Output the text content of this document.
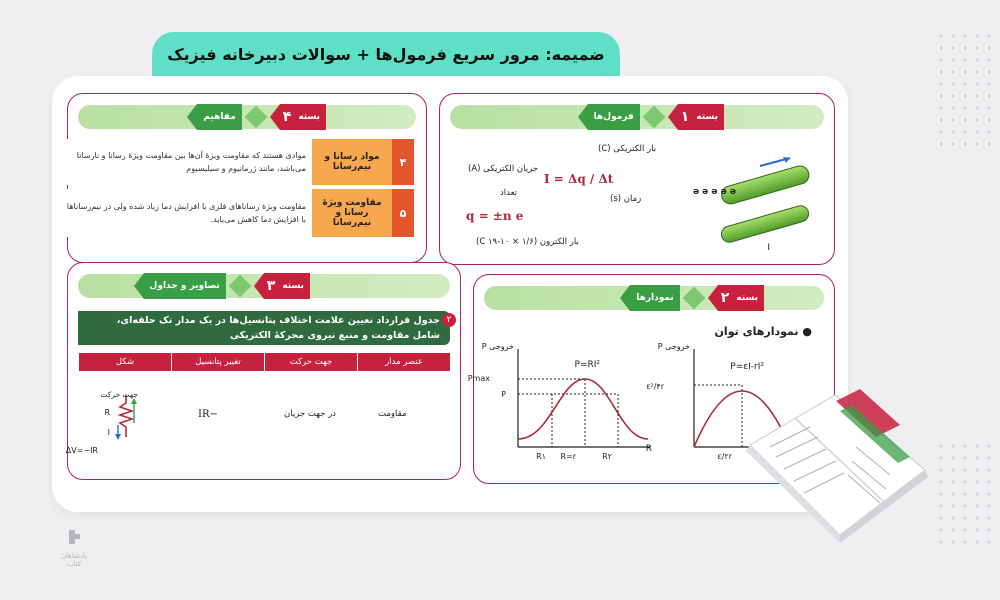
ضمیمه: مرور سریع فرمول‌ها + سوالات دبیرخانه فیزیک
بسته
۱
فرمول‌ها
بار الکتریکی (C)
جریان الکتریکی (A)
زمان (s)
تعداد
I = Δq / Δt
q = ±n e
بار الکترون (C ۱۹-۱۰ × ۱/۶)
ə ə ə ə ə
I
بسته
۴
مفاهیم
۴
مواد رسانا و نیم‌رسانا
موادی هستند که مقاومت ویژهٔ آن‌ها بین مقاومت ویژهٔ رسانا و نارسانا می‌باشد، مانند ژرمانیوم و سیلیسیوم
۵
مقاومت ویژهٔ رسانا و نیم‌رسانا
مقاومت ویژهٔ رساناهای فلزی با افزایش دما زیاد شده ولی در نیم‌رساناها با افزایش دما کاهش می‌یابد.
بسته
۲
نمودارها
● نمودارهای توان
خروجی P
P=RI²
Pmax
P
R۱ R=r	R۲
R
خروجی P
P=εI-rI²
ε²/۴r
ε/۲r
بسته
۳
تصاویر و جداول
جدول قرارداد تعیین علامت اختلاف پتانسیل‌ها در یک مدار تک حلقه‌ای، شامل مقاومت و منبع نیروی محرکهٔ الکتریکی
۲
عنصر مدار
جهت حرکت
تغییر پتانسیل
شکل
مقاومت
در جهت جریان
−IR
جهت حرکت
R
I
ΔV=−IR
پادشاهان کتاب
